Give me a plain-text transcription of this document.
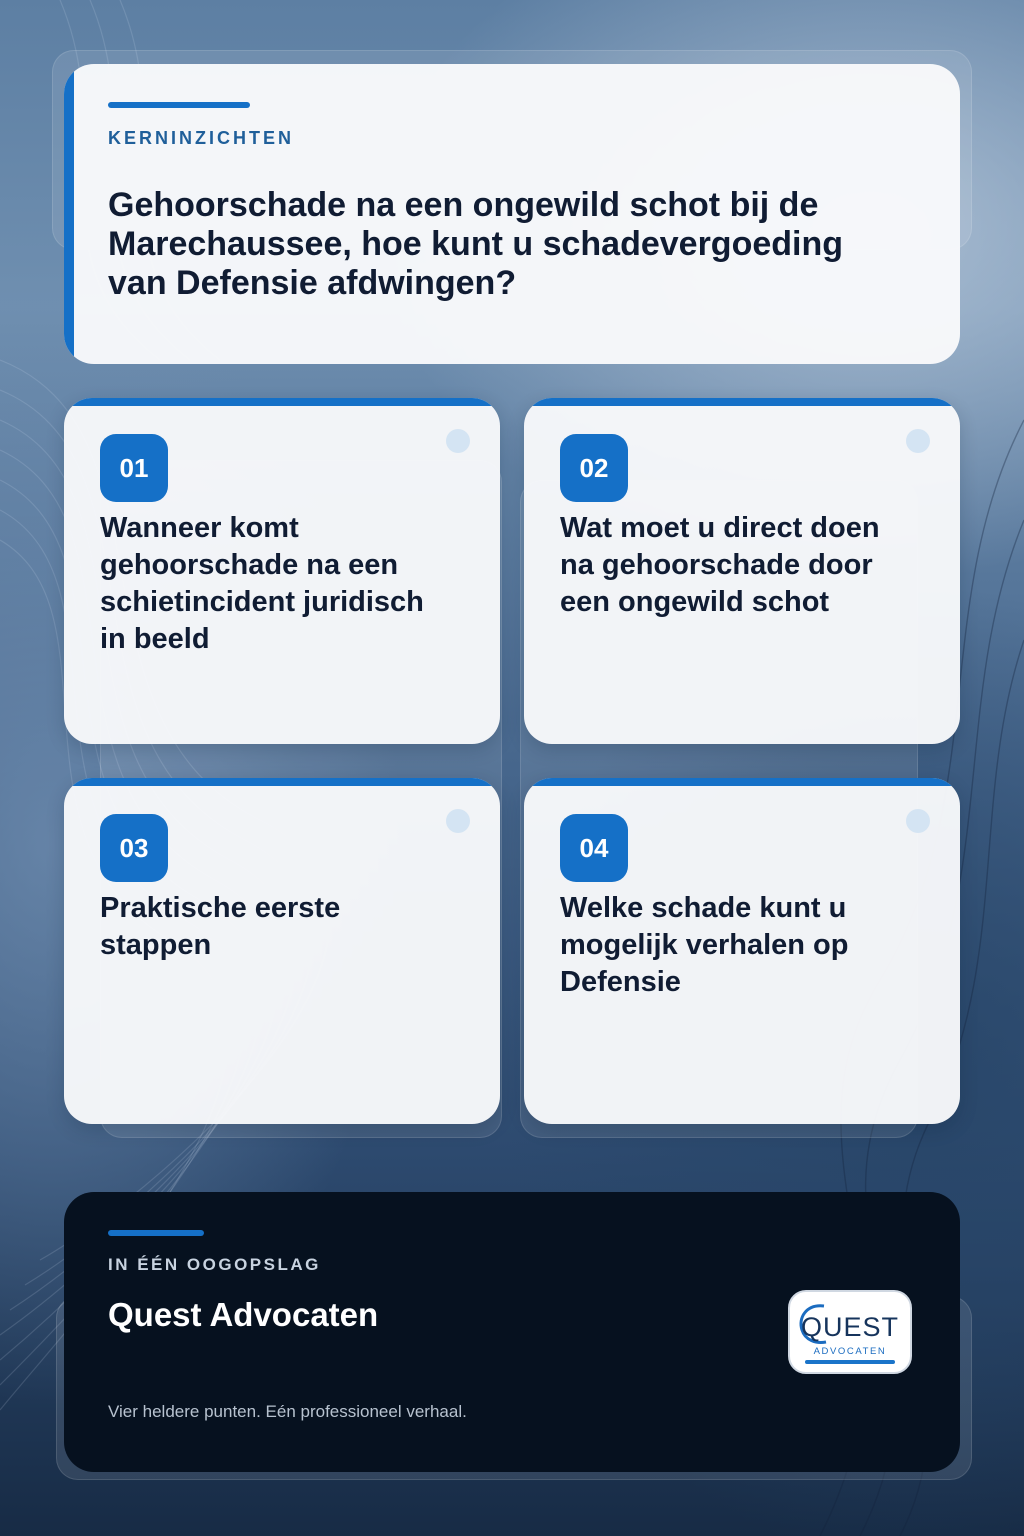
KERNINZICHTEN
Gehoorschade na een ongewild schot bij de Marechaussee, hoe kunt u schadevergoeding van Defensie afdwingen?
01
Wanneer komt gehoorschade na een schietincident juridisch in beeld
02
Wat moet u direct doen na gehoorschade door een ongewild schot
03
Praktische eerste stappen
04
Welke schade kunt u mogelijk verhalen op Defensie
IN ÉÉN OOGOPSLAG
Quest Advocaten
Vier heldere punten. Eén professioneel verhaal.
QUEST
ADVOCATEN
